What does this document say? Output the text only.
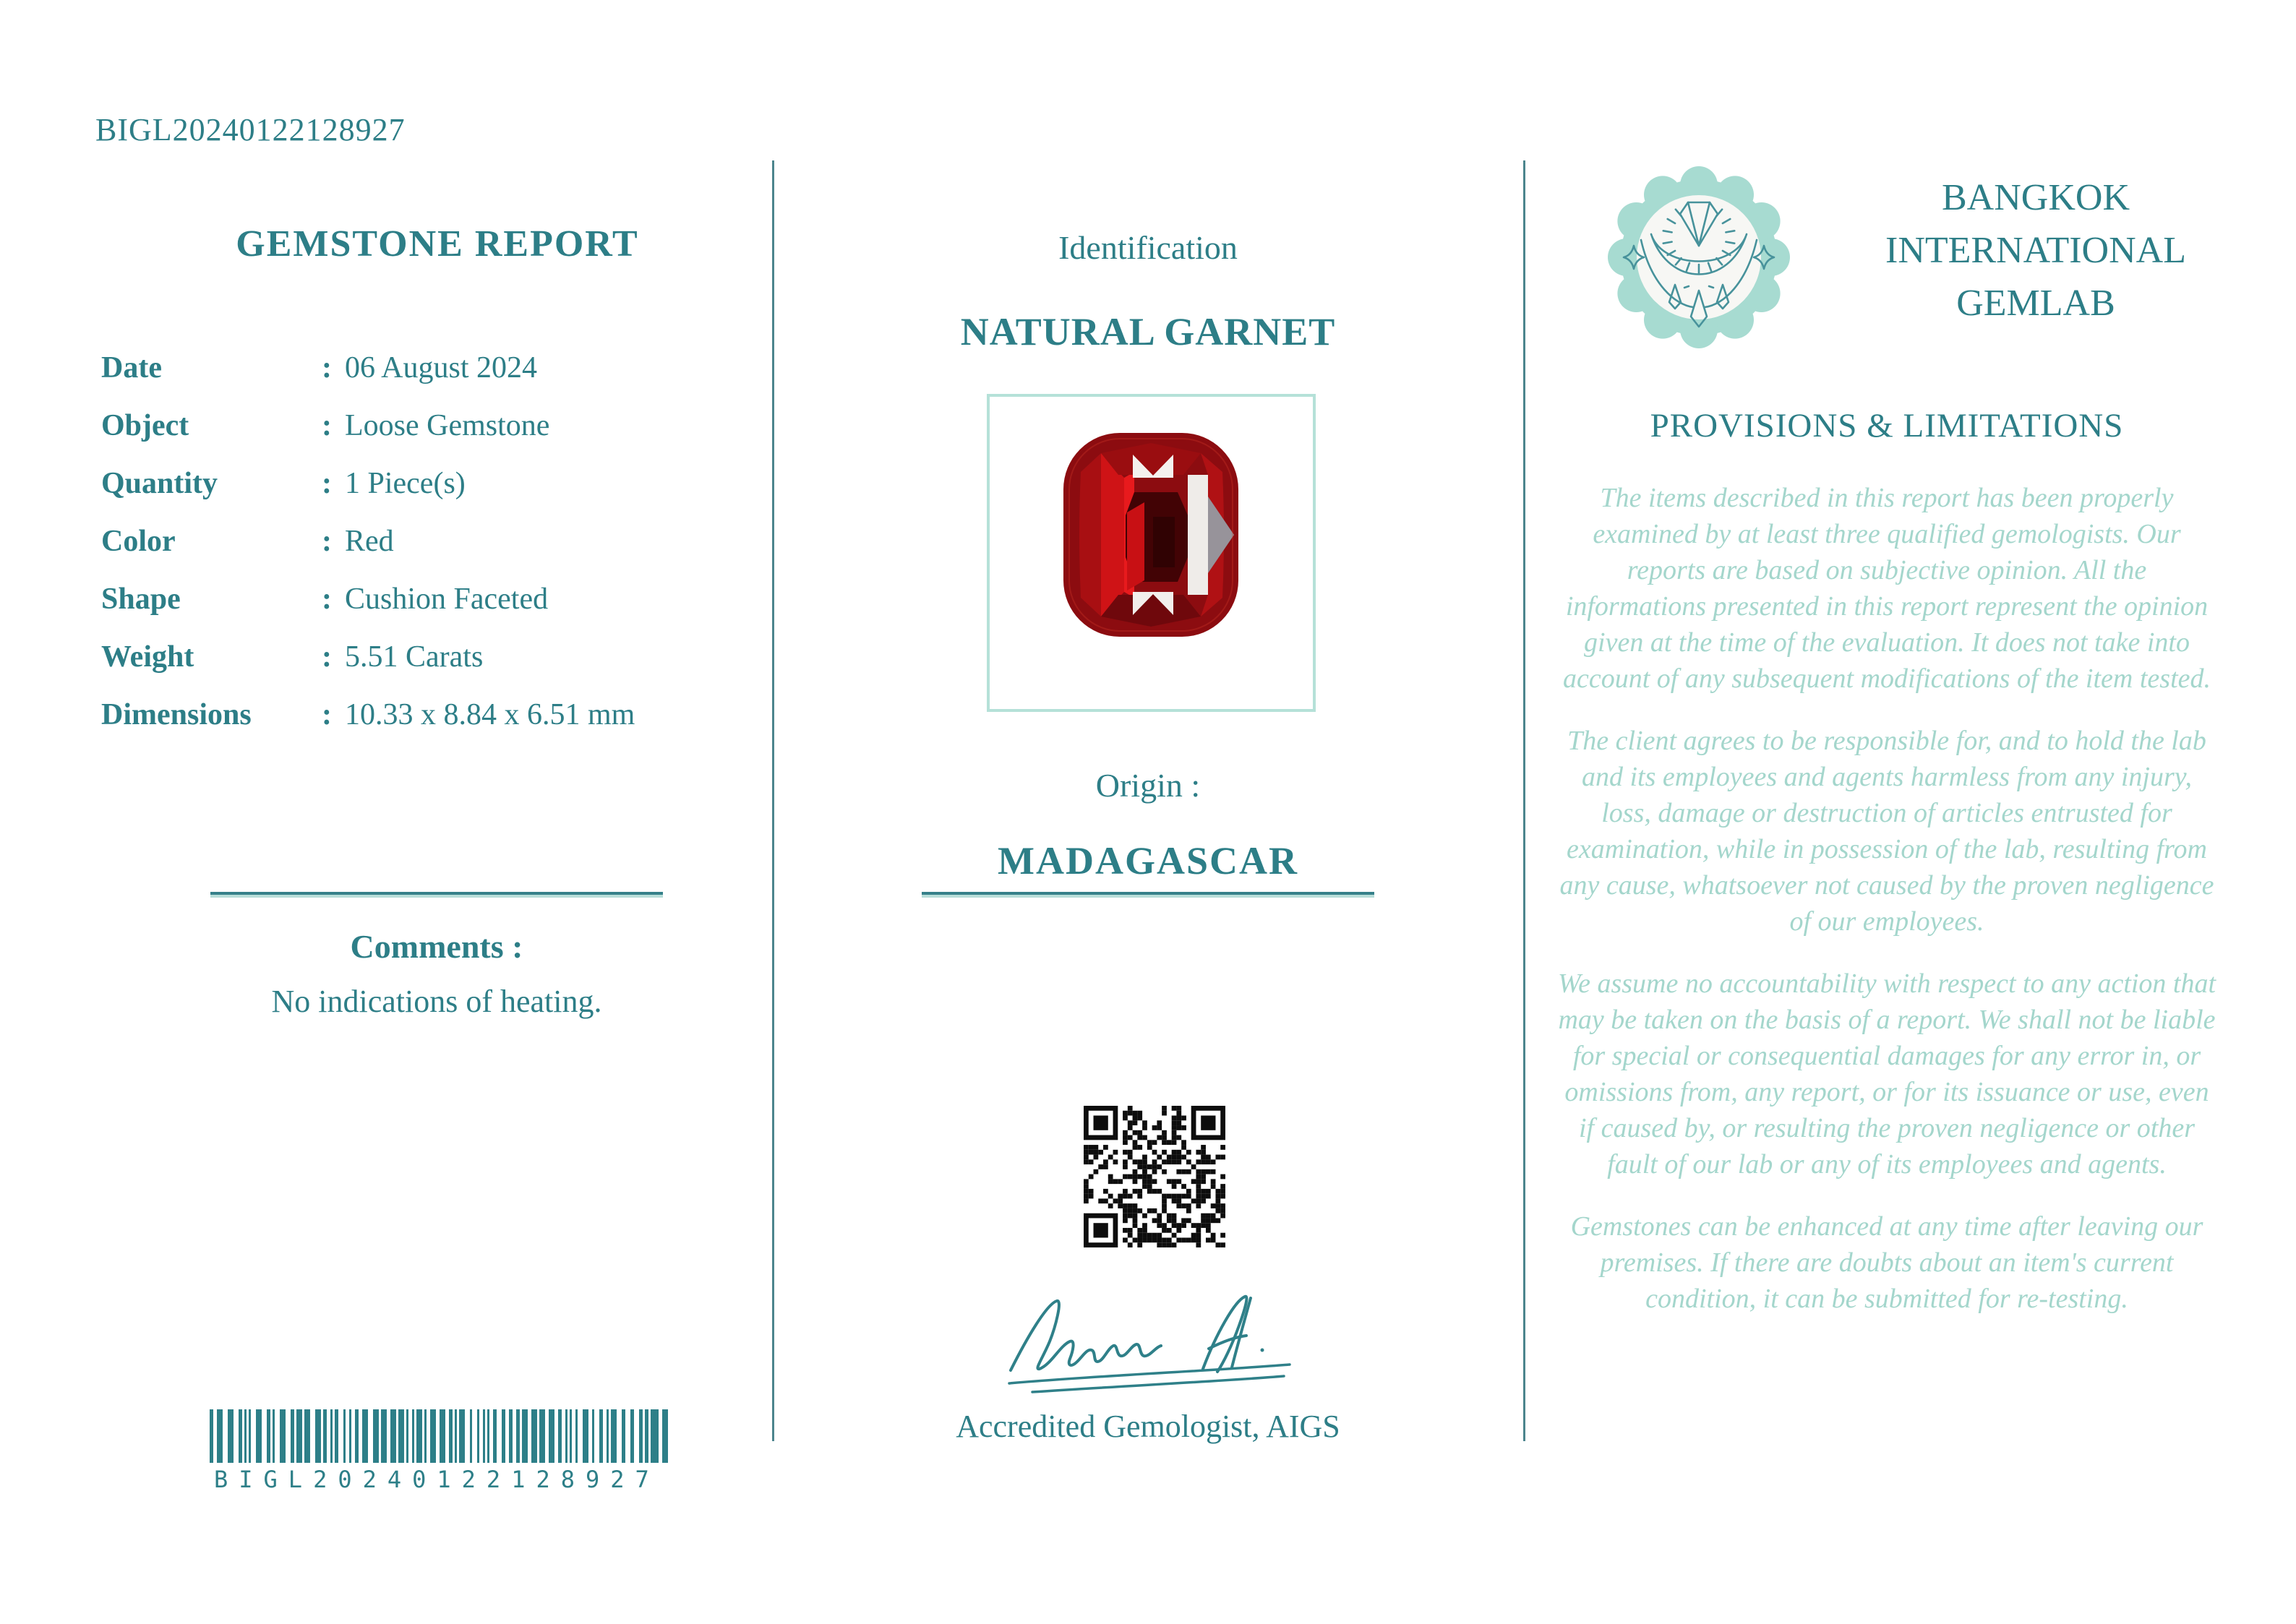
BIGL20240122128927
GEMSTONE REPORT
Date	: 06 August 2024
Object	: Loose Gemstone
Quantity	: 1 Piece(s)
Color	: Red
Shape	: Cushion Faceted
Weight	: 5.51 Carats
Dimensions	: 10.33 x 8.84 x 6.51 mm
Comments :
No indications of heating.
BIGL20240122128927
Identification
NATURAL GARNET
Origin :
MADAGASCAR
Accredited Gemologist, AIGS
BANGKOK
INTERNATIONAL
GEMLAB
PROVISIONS & LIMITATIONS

The items described in this report has been properly examined by at least three qualified gemologists. Our reports are based on subjective opinion. All the informations presented in this report represent the opinion given at the time of the evaluation. It does not take into account of any subsequent modifications of the item tested.

The client agrees to be responsible for, and to hold the lab and its employees and agents harmless from any injury, loss, damage or destruction of articles entrusted for examination, while in possession of the lab, resulting from any cause, whatsoever not caused by the proven negligence of our employees.

We assume no accountability with respect to any action that may be taken on the basis of a report. We shall not be liable for special or consequential damages for any error in, or omissions from, any report, or for its issuance or use, even if caused by, or resulting the proven negligence or other fault of our lab or any of its employees and agents.

Gemstones can be enhanced at any time after leaving our premises. If there are doubts about an item's current condition, it can be submitted for re-testing.
